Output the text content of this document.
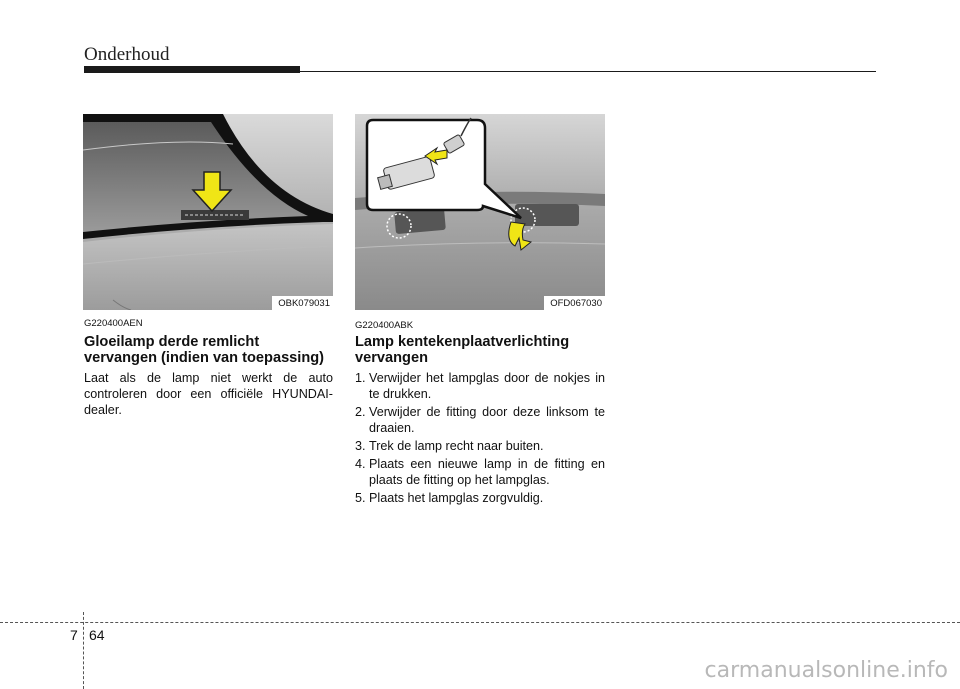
Onderhoud
OBK079031
G220400AEN
Gloeilamp derde remlicht
vervangen (indien van toepassing)

Laat als de lamp niet werkt de auto controleren door een officiële HYUNDAI-dealer.

OFD067030
G220400ABK
Lamp kentekenplaatverlichting
vervangen
1. Verwijder het lampglas door de nokjes in te drukken.
2. Verwijder de fitting door deze linksom te draaien.
3. Trek de lamp recht naar buiten.
4. Plaats een nieuwe lamp in de fitting en plaats de fitting op het lampglas.
5. Plaats het lampglas zorgvuldig.
7 64
carmanualsonline.info
